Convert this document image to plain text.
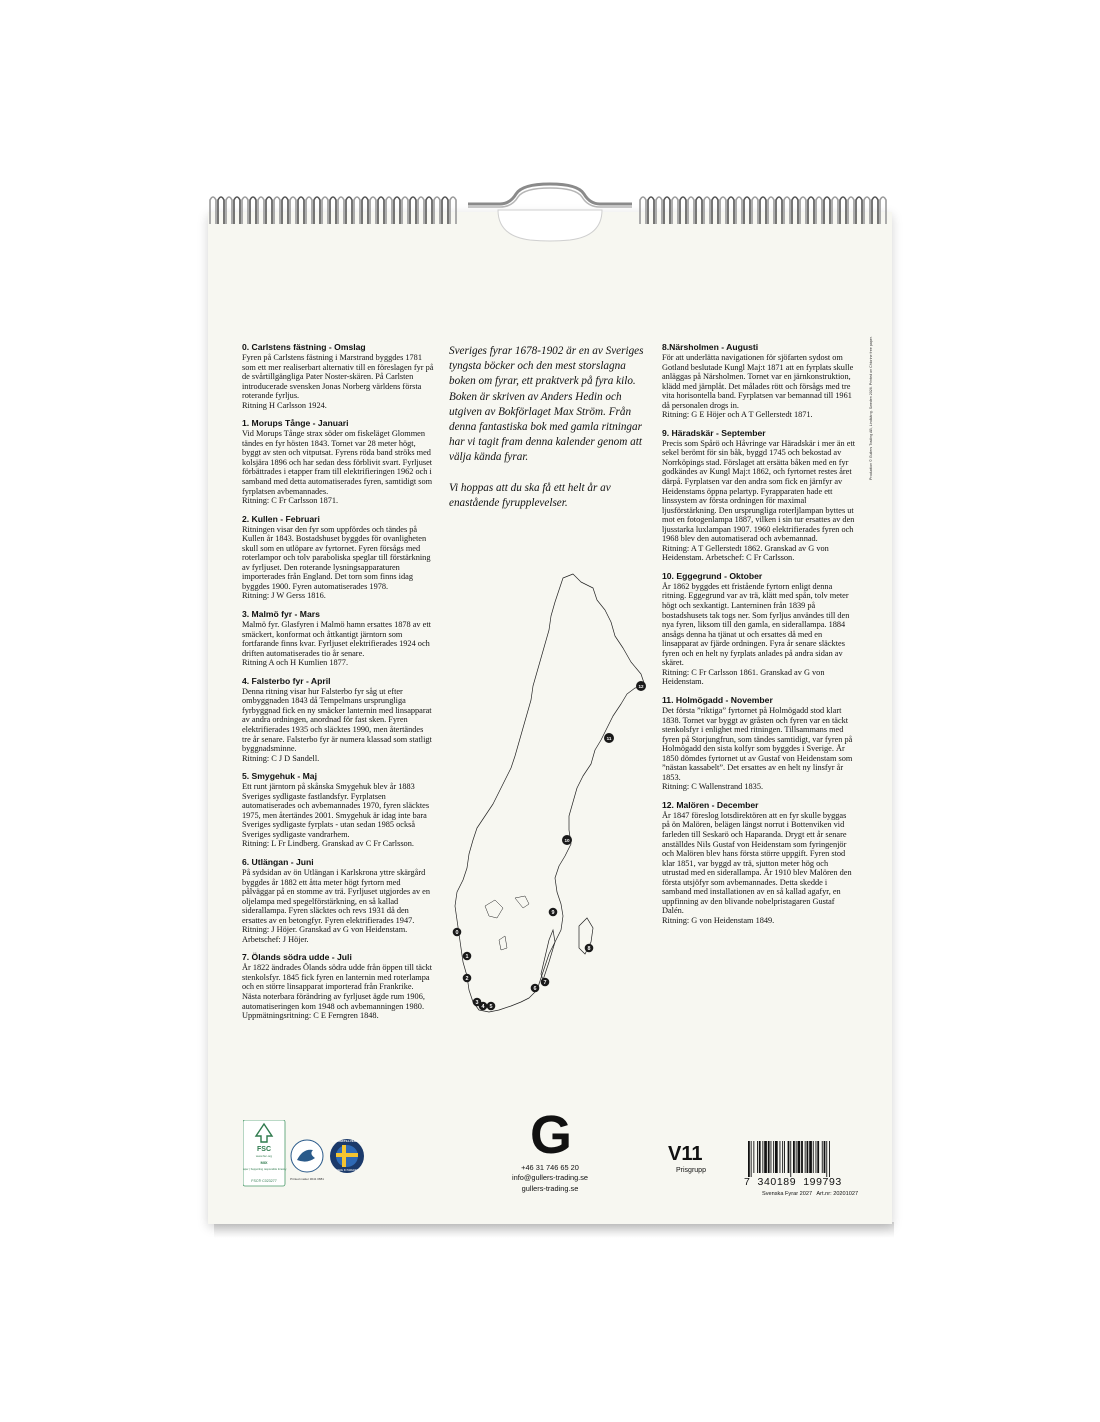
Production © Gullers Trading AB, Lindkärrg. Sweden 2026. Printed on Chlorine free paper.
0. Carlstens fästning - Omslag

Fyren på Carlstens fästning i Marstrand byggdes 1781 som ett mer realiserbart alternativ till en föreslagen fyr på de svårtillgängliga Pater Noster-skären. På Carlsten introducerade svensken Jonas Norberg världens första roterande fyrljus.

Ritning H Carlsson 1924.

1. Morups Tånge - Januari

Vid Morups Tånge strax söder om fiskeläget Glommen tändes en fyr hösten 1843. Tornet var 28 meter högt, byggt av sten och vitputsat. Fyrens röda band ströks med kolsjära 1896 och har sedan dess förblivit svart. Fyrljuset förbättrades i etapper fram till elektrifieringen 1962 och i samband med detta automatiserades fyren, samtidigt som fyrplatsen avbemannades.

Ritning: C Fr Carlsson 1871.

2. Kullen - Februari

Ritningen visar den fyr som uppfördes och tändes på Kullen år 1843. Bostadshuset byggdes för ovanligheten skull som en utlöpare av fyrtornet. Fyren försågs med roterlampor och tolv paraboliska speglar till förstärkning av fyrljuset. Den roterande lysningsapparaturen importerades från England. Det torn som finns idag byggdes 1900. Fyren automatiserades 1978.

Ritning: J W Gerss 1816.

3. Malmö fyr - Mars

Malmö fyr. Glasfyren i Malmö hamn ersattes 1878 av ett smäckert, konformat och åttkantigt järntorn som fortfarande finns kvar. Fyrljuset elektrifierades 1924 och driften automatiserades tio år senare.

Ritning A och H Kumlien 1877.

4. Falsterbo fyr - April

Denna ritning visar hur Falsterbo fyr såg ut efter ombyggnaden 1843 då Tempelmans ursprungliga fyrbyggnad fick en ny smäcker lanternin med linsapparat av andra ordningen, anordnad för fast sken. Fyren elektrifierades 1935 och släcktes 1990, men återtändes tre år senare. Falsterbo fyr är numera klassad som statligt byggnadsminne.

Ritning: C J D Sandell.

5. Smygehuk - Maj

Ett runt järntorn på skånska Smygehuk blev år 1883 Sveriges sydligaste fastlandsfyr. Fyrplatsen automatiserades och avbemannades 1970, fyren släcktes 1975, men återtändes 2001. Smygehuk är idag inte bara Sveriges sydligaste fyrplats - utan sedan 1985 också Sveriges sydligaste vandrarhem.

Ritning: L Fr Lindberg. Granskad av C Fr Carlsson.

6. Utlängan - Juni

På sydsidan av ön Utlängan i Karlskrona yttre skärgård byggdes år 1882 ett åtta meter högt fyrtorn med pålväggar på en stomme av trä. Fyrljuset utgjordes av en oljelampa med spegelförstärkning, en så kallad siderallampa. Fyren släcktes och revs 1931 då den ersattes av en betongfyr. Fyren elektrifierades 1947.

Ritning: J Höjer. Granskad av G von Heidenstam. Arbetschef: J Höjer.

7. Ölands södra udde - Juli

År 1822 ändrades Ölands södra udde från öppen till täckt stenkolsfyr. 1845 fick fyren en lanternin med roterlampa och en större linsapparat importerad från Frankrike. Nästa noterbara förändring av fyrljuset ägde rum 1906, automatiseringen kom 1948 och avbemanningen 1980.

Uppmätningsritning: C E Ferngren 1848.

Sveriges fyrar 1678-1902 är en av Sveriges tyngsta böcker och den mest storslagna boken om fyrar, ett praktverk på fyra kilo. Boken är skriven av Anders Hedin och utgiven av Bokförlaget Max Ström. Från denna fantastiska bok med gamla ritningar har vi tagit fram denna kalender genom att välja kända fyrar.

Vi hoppas att du ska få ett helt år av enastående fyrupplevelser.

0
1
2
3
4 5
6
7
8
9
10
11
12
8.Närsholmen - Augusti

För att underlätta navigationen för sjöfarten sydost om Gotland beslutade Kungl Maj:t 1871 att en fyrplats skulle anläggas på Närsholmen. Tornet var en järnkonstruktion, klädd med järnplåt. Det målades rött och försågs med tre vita horisontella band. Fyrplatsen var bemannad till 1961 då personalen drogs in.

Ritning: G E Höjer och A T Gellerstedt 1871.

9. Häradskär - September

Precis som Spårö och Håvringe var Häradskär i mer än ett sekel berömt för sin båk, byggd 1745 och bekostad av Norrköpings stad. Förslaget att ersätta båken med en fyr godkändes av Kungl Maj:t 1862, och fyrtornet restes året därpå. Fyrplatsen var den andra som fick en järnfyr av Heidenstams öppna pelartyp. Fyrapparaten hade ett linssystem av första ordningen för maximal ljusförstärkning. Den ursprungliga roterljlampan byttes ut mot en fotogenlampa 1887, vilken i sin tur ersattes av den ljusstarka luxlampan 1907. 1960 elektrifierades fyren och 1968 blev den automatiserad och avbemannad.

Ritning: A T Gellerstedt 1862. Granskad av G von Heidenstam. Arbetschef: C Fr Carlsson.

10. Eggegrund - Oktober

År 1862 byggdes ett fristående fyrtorn enligt denna ritning. Eggegrund var av trä, klätt med spån, tolv meter högt och sexkantigt. Lanterninen från 1839 på bostadshusets tak togs ner. Som fyrljus användes till den nya fyren, liksom till den gamla, en siderallampa. 1884 ansågs denna ha tjänat ut och ersattes då med en linsapparat av fjärde ordningen. Fyra år senare släcktes fyren och en helt ny fyrplats anlades på andra sidan av skäret.

Ritning: C Fr Carlsson 1861. Granskad av G von Heidenstam.

11. Holmögadd - November

Det första ”riktiga” fyrtornet på Holmögadd stod klart 1838. Tornet var byggt av gråsten och fyren var en täckt stenkolsfyr i enlighet med ritningen. Tillsammans med fyren på Storjungfrun, som tändes samtidigt, var fyren på Holmögadd den sista kolfyr som byggdes i Sverige. År 1850 dömdes fyrtornet ut av Gustaf von Heidenstam som ”nästan kassabelt”. Det ersattes av en helt ny linsfyr år 1853.

Ritning: C Wallenstrand 1835.

12. Malören - December

År 1847 föreslog lotsdirektören att en fyr skulle byggas på ön Malören, belägen längst norrut i Bottenviken vid farleden till Seskarö och Haparanda. Drygt ett år senare anställdes Nils Gustaf von Heidenstam som fyringenjör och Malören blev hans första större uppgift. Fyren stod klar 1851, var byggd av trä, sjutton meter hög och utrustad med en siderallampa. År 1910 blev Malören den första utsjöfyr som avbemannades. Detta skedde i samband med installationen av en så kallad agafyr, en uppfinning av den blivande nobelpristagaren Gustaf Dalén.

Ritning: G von Heidenstam 1849.

FSC
www.fsc.org
MIX
Paper | Supporting responsible forestry
FSC® C023277	Printed matter 3041 0881
SVENSKTILLVERKAD
MADE IN SWEDEN
G
+46 31 746 65 20
info@gullers-trading.se
gullers-trading.se
V11
Prisgrupp
7 340189 199793
Svenska Fyrar 2027 Art.nr: 20201027
